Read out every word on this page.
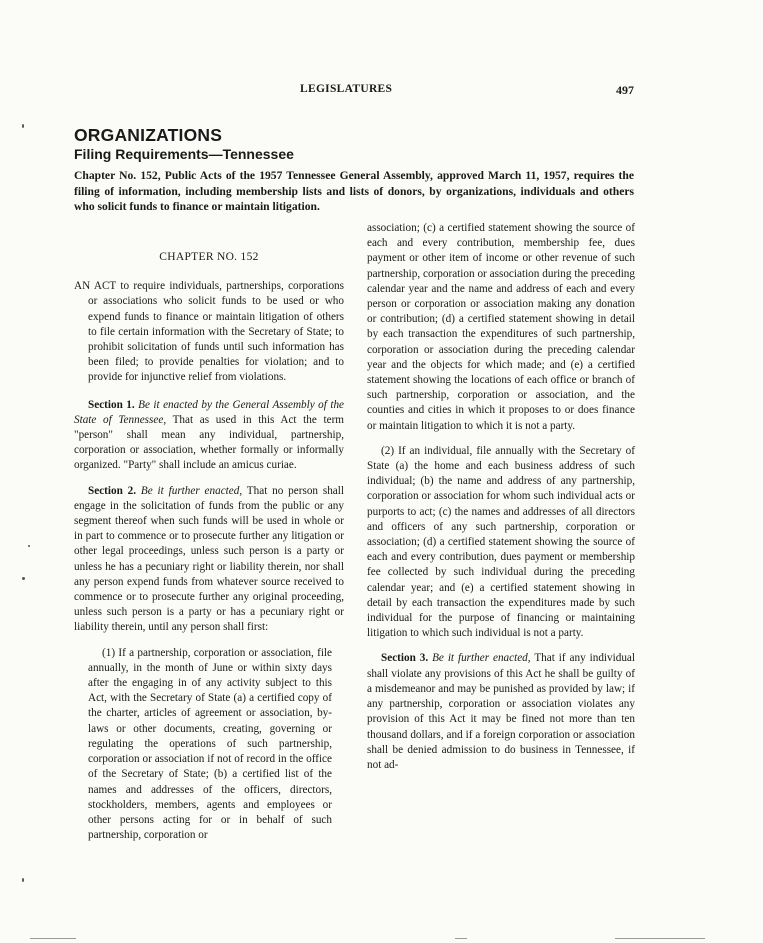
LEGISLATURES	497
ORGANIZATIONS
Filing Requirements—Tennessee
Chapter No. 152, Public Acts of the 1957 Tennessee General Assembly, approved March 11, 1957, requires the filing of information, including membership lists and lists of donors, by organizations, individuals and others who solicit funds to finance or maintain litigation.
CHAPTER NO. 152
AN ACT to require individuals, partnerships, corporations or associations who solicit funds to be used or who expend funds to finance or maintain litigation of others to file certain information with the Secretary of State; to prohibit solicitation of funds until such information has been filed; to provide penalties for violation; and to provide for injunctive relief from violations.

Section 1. Be it enacted by the General Assembly of the State of Tennessee, That as used in this Act the term "person" shall mean any individual, partnership, corporation or association, whether formally or informally organized. "Party" shall include an amicus curiae.

Section 2. Be it further enacted, That no person shall engage in the solicitation of funds from the public or any segment thereof when such funds will be used in whole or in part to commence or to prosecute further any litigation or other legal proceedings, unless such person is a party or unless he has a pecuniary right or liability therein, nor shall any person expend funds from whatever source received to commence or to prosecute further any original proceeding, unless such person is a party or has a pecuniary right or liability therein, until any person shall first:

(1) If a partnership, corporation or association, file annually, in the month of June or within sixty days after the engaging in of any activity subject to this Act, with the Secretary of State (a) a certified copy of the charter, articles of agreement or association, by-laws or other documents, creating, governing or regulating the operations of such partnership, corporation or association if not of record in the office of the Secretary of State; (b) a certified list of the names and addresses of the officers, directors, stockholders, members, agents and employees or other persons acting for or in behalf of such partnership, corporation or

association; (c) a certified statement showing the source of each and every contribution, membership fee, dues payment or other item of income or other revenue of such partnership, corporation or association during the preceding calendar year and the name and address of each and every person or corporation or association making any donation or contribution; (d) a certified statement showing in detail by each transaction the expenditures of such partnership, corporation or association during the preceding calendar year and the objects for which made; and (e) a certified statement showing the locations of each office or branch of such partnership, corporation or association, and the counties and cities in which it proposes to or does finance or maintain litigation to which it is not a party.

(2) If an individual, file annually with the Secretary of State (a) the home and each business address of such individual; (b) the name and address of any partnership, corporation or association for whom such individual acts or purports to act; (c) the names and addresses of all directors and officers of any such partnership, corporation or association; (d) a certified statement showing the source of each and every contribution, dues payment or membership fee collected by such individual during the preceding calendar year; and (e) a certified statement showing in detail by each transaction the expenditures made by such individual for the purpose of financing or maintaining litigation to which such individual is not a party.

Section 3. Be it further enacted, That if any individual shall violate any provisions of this Act he shall be guilty of a misdemeanor and may be punished as provided by law; if any partnership, corporation or association violates any provision of this Act it may be fined not more than ten thousand dollars, and if a foreign corporation or association shall be denied admission to do business in Tennessee, if not ad-
